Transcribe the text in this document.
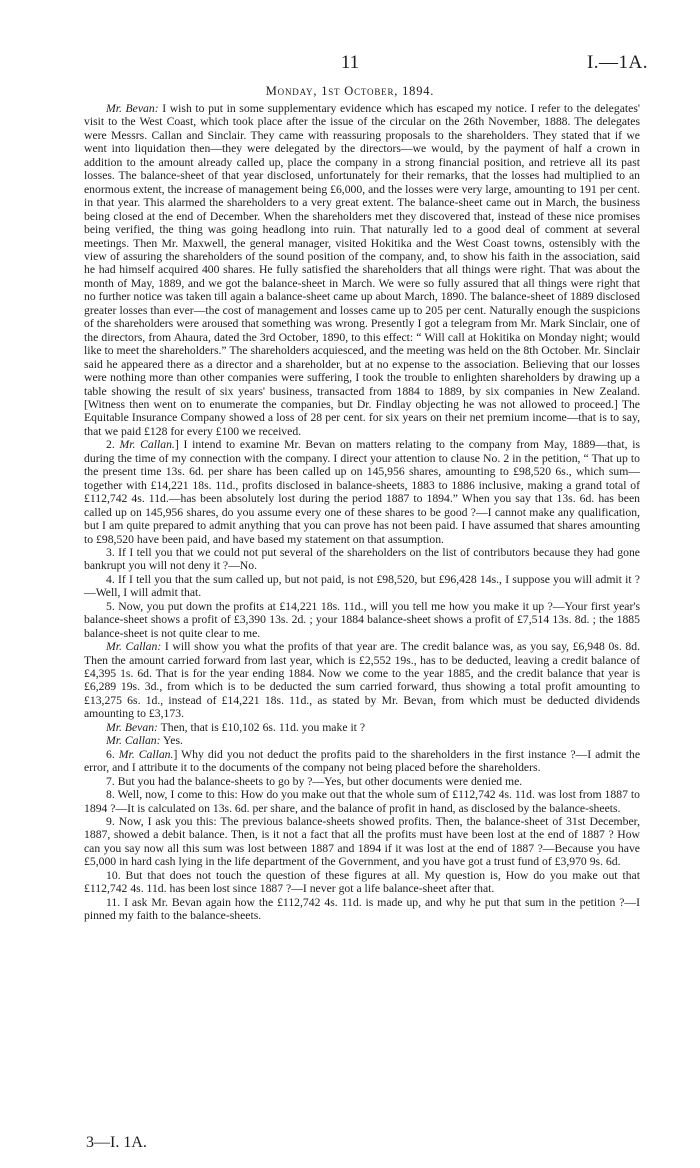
11	I.—1A.
Monday, 1st October, 1894.

Mr. Bevan: I wish to put in some supplementary evidence which has escaped my notice. I refer to the delegates' visit to the West Coast, which took place after the issue of the circular on the 26th November, 1888. The delegates were Messrs. Callan and Sinclair. They came with reassuring proposals to the shareholders. They stated that if we went into liquidation then—they were delegated by the directors—we would, by the payment of half a crown in addition to the amount already called up, place the company in a strong financial position, and retrieve all its past losses. The balance-sheet of that year disclosed, unfortunately for their remarks, that the losses had multiplied to an enormous extent, the increase of management being £6,000, and the losses were very large, amounting to 191 per cent. in that year. This alarmed the shareholders to a very great extent. The balance-sheet came out in March, the business being closed at the end of December. When the shareholders met they discovered that, instead of these nice promises being verified, the thing was going headlong into ruin. That naturally led to a good deal of comment at several meetings. Then Mr. Maxwell, the general manager, visited Hokitika and the West Coast towns, ostensibly with the view of assuring the shareholders of the sound position of the company, and, to show his faith in the association, said he had himself acquired 400 shares. He fully satisfied the shareholders that all things were right. That was about the month of May, 1889, and we got the balance-sheet in March. We were so fully assured that all things were right that no further notice was taken till again a balance-sheet came up about March, 1890. The balance-sheet of 1889 disclosed greater losses than ever—the cost of management and losses came up to 205 per cent. Naturally enough the suspicions of the shareholders were aroused that something was wrong. Presently I got a telegram from Mr. Mark Sinclair, one of the directors, from Ahaura, dated the 3rd October, 1890, to this effect: “ Will call at Hokitika on Monday night; would like to meet the shareholders.” The shareholders acquiesced, and the meeting was held on the 8th October. Mr. Sinclair said he appeared there as a director and a shareholder, but at no expense to the association. Believing that our losses were nothing more than other companies were suffering, I took the trouble to enlighten shareholders by drawing up a table showing the result of six years' business, transacted from 1884 to 1889, by six companies in New Zealand. [Witness then went on to enumerate the companies, but Dr. Findlay objecting he was not allowed to proceed.] The Equitable Insurance Company showed a loss of 28 per cent. for six years on their net premium income—that is to say, that we paid £128 for every £100 we received.

2. Mr. Callan.] I intend to examine Mr. Bevan on matters relating to the company from May, 1889—that, is during the time of my connection with the company. I direct your attention to clause No. 2 in the petition, “ That up to the present time 13s. 6d. per share has been called up on 145,956 shares, amounting to £98,520 6s., which sum—together with £14,221 18s. 11d., profits disclosed in balance-sheets, 1883 to 1886 inclusive, making a grand total of £112,742 4s. 11d.—has been absolutely lost during the period 1887 to 1894.” When you say that 13s. 6d. has been called up on 145,956 shares, do you assume every one of these shares to be good ?—I cannot make any qualification, but I am quite prepared to admit anything that you can prove has not been paid. I have assumed that shares amounting to £98,520 have been paid, and have based my statement on that assumption.

3. If I tell you that we could not put several of the shareholders on the list of contributors because they had gone bankrupt you will not deny it ?—No.

4. If I tell you that the sum called up, but not paid, is not £98,520, but £96,428 14s., I suppose you will admit it ?—Well, I will admit that.

5. Now, you put down the profits at £14,221 18s. 11d., will you tell me how you make it up ?—Your first year's balance-sheet shows a profit of £3,390 13s. 2d. ; your 1884 balance-sheet shows a profit of £7,514 13s. 8d. ; the 1885 balance-sheet is not quite clear to me.

Mr. Callan: I will show you what the profits of that year are. The credit balance was, as you say, £6,948 0s. 8d. Then the amount carried forward from last year, which is £2,552 19s., has to be deducted, leaving a credit balance of £4,395 1s. 6d. That is for the year ending 1884. Now we come to the year 1885, and the credit balance that year is £6,289 19s. 3d., from which is to be deducted the sum carried forward, thus showing a total profit amounting to £13,275 6s. 1d., instead of £14,221 18s. 11d., as stated by Mr. Bevan, from which must be deducted dividends amounting to £3,173.

Mr. Bevan: Then, that is £10,102 6s. 11d. you make it ?

Mr. Callan: Yes.

6. Mr. Callan.] Why did you not deduct the profits paid to the shareholders in the first instance ?—I admit the error, and I attribute it to the documents of the company not being placed before the shareholders.

7. But you had the balance-sheets to go by ?—Yes, but other documents were denied me.

8. Well, now, I come to this: How do you make out that the whole sum of £112,742 4s. 11d. was lost from 1887 to 1894 ?—It is calculated on 13s. 6d. per share, and the balance of profit in hand, as disclosed by the balance-sheets.

9. Now, I ask you this: The previous balance-sheets showed profits. Then, the balance-sheet of 31st December, 1887, showed a debit balance. Then, is it not a fact that all the profits must have been lost at the end of 1887 ? How can you say now all this sum was lost between 1887 and 1894 if it was lost at the end of 1887 ?—Because you have £5,000 in hard cash lying in the life department of the Government, and you have got a trust fund of £3,970 9s. 6d.

10. But that does not touch the question of these figures at all. My question is, How do you make out that £112,742 4s. 11d. has been lost since 1887 ?—I never got a life balance-sheet after that.

11. I ask Mr. Bevan again how the £112,742 4s. 11d. is made up, and why he put that sum in the petition ?—I pinned my faith to the balance-sheets.

3—I. 1A.
